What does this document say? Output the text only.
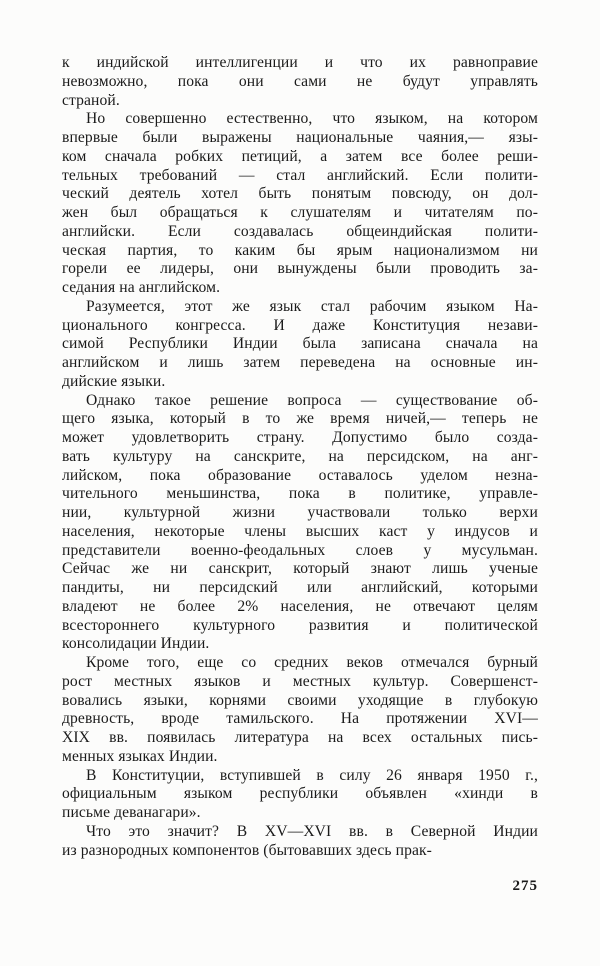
к индийской интеллигенции и что их равноправие
невозможно, пока они сами не будут управлять
страной.
Но совершенно естественно, что языком, на котором
впервые были выражены национальные чаяния,— язы-
ком сначала робких петиций, а затем все более реши-
тельных требований — стал английский. Если полити-
ческий деятель хотел быть понятым повсюду, он дол-
жен был обращаться к слушателям и читателям по-
английски. Если создавалась общеиндийская полити-
ческая партия, то каким бы ярым национализмом ни
горели ее лидеры, они вынуждены были проводить за-
седания на английском.
Разумеется, этот же язык стал рабочим языком На-
ционального конгресса. И даже Конституция незави-
симой Республики Индии была записана сначала на
английском и лишь затем переведена на основные ин-
дийские языки.
Однако такое решение вопроса — существование об-
щего языка, который в то же время ничей,— теперь не
может удовлетворить страну. Допустимо было созда-
вать культуру на санскрите, на персидском, на анг-
лийском, пока образование оставалось уделом незна-
чительного меньшинства, пока в политике, управле-
нии, культурной жизни участвовали только верхи
населения, некоторые члены высших каст у индусов и
представители военно-феодальных слоев у мусульман.
Сейчас же ни санскрит, который знают лишь ученые
пандиты, ни персидский или английский, которыми
владеют не более 2% населения, не отвечают целям
всестороннего культурного развития и политической
консолидации Индии.
Кроме того, еще со средних веков отмечался бурный
рост местных языков и местных культур. Совершенст-
вовались языки, корнями своими уходящие в глубокую
древность, вроде тамильского. На протяжении XVI—
XIX вв. появилась литература на всех остальных пись-
менных языках Индии.
В Конституции, вступившей в силу 26 января 1950 г.,
официальным языком республики объявлен «хинди в
письме деванагари».
Что это значит? В XV—XVI вв. в Северной Индии
из разнородных компонентов (бытовавших здесь прак-
275
